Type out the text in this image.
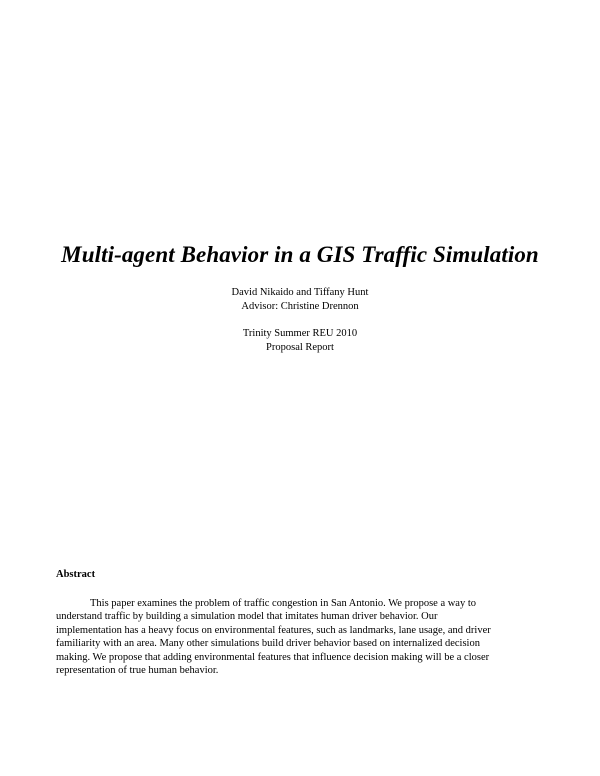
Multi-agent Behavior in a GIS Traffic Simulation
David Nikaido and Tiffany Hunt
Advisor: Christine Drennon
Trinity Summer REU 2010
Proposal Report
Abstract
This paper examines the problem of traffic congestion in San Antonio. We propose a way to
understand traffic by building a simulation model that imitates human driver behavior. Our
implementation has a heavy focus on environmental features, such as landmarks, lane usage, and driver
familiarity with an area. Many other simulations build driver behavior based on internalized decision
making. We propose that adding environmental features that influence decision making will be a closer
representation of true human behavior.
